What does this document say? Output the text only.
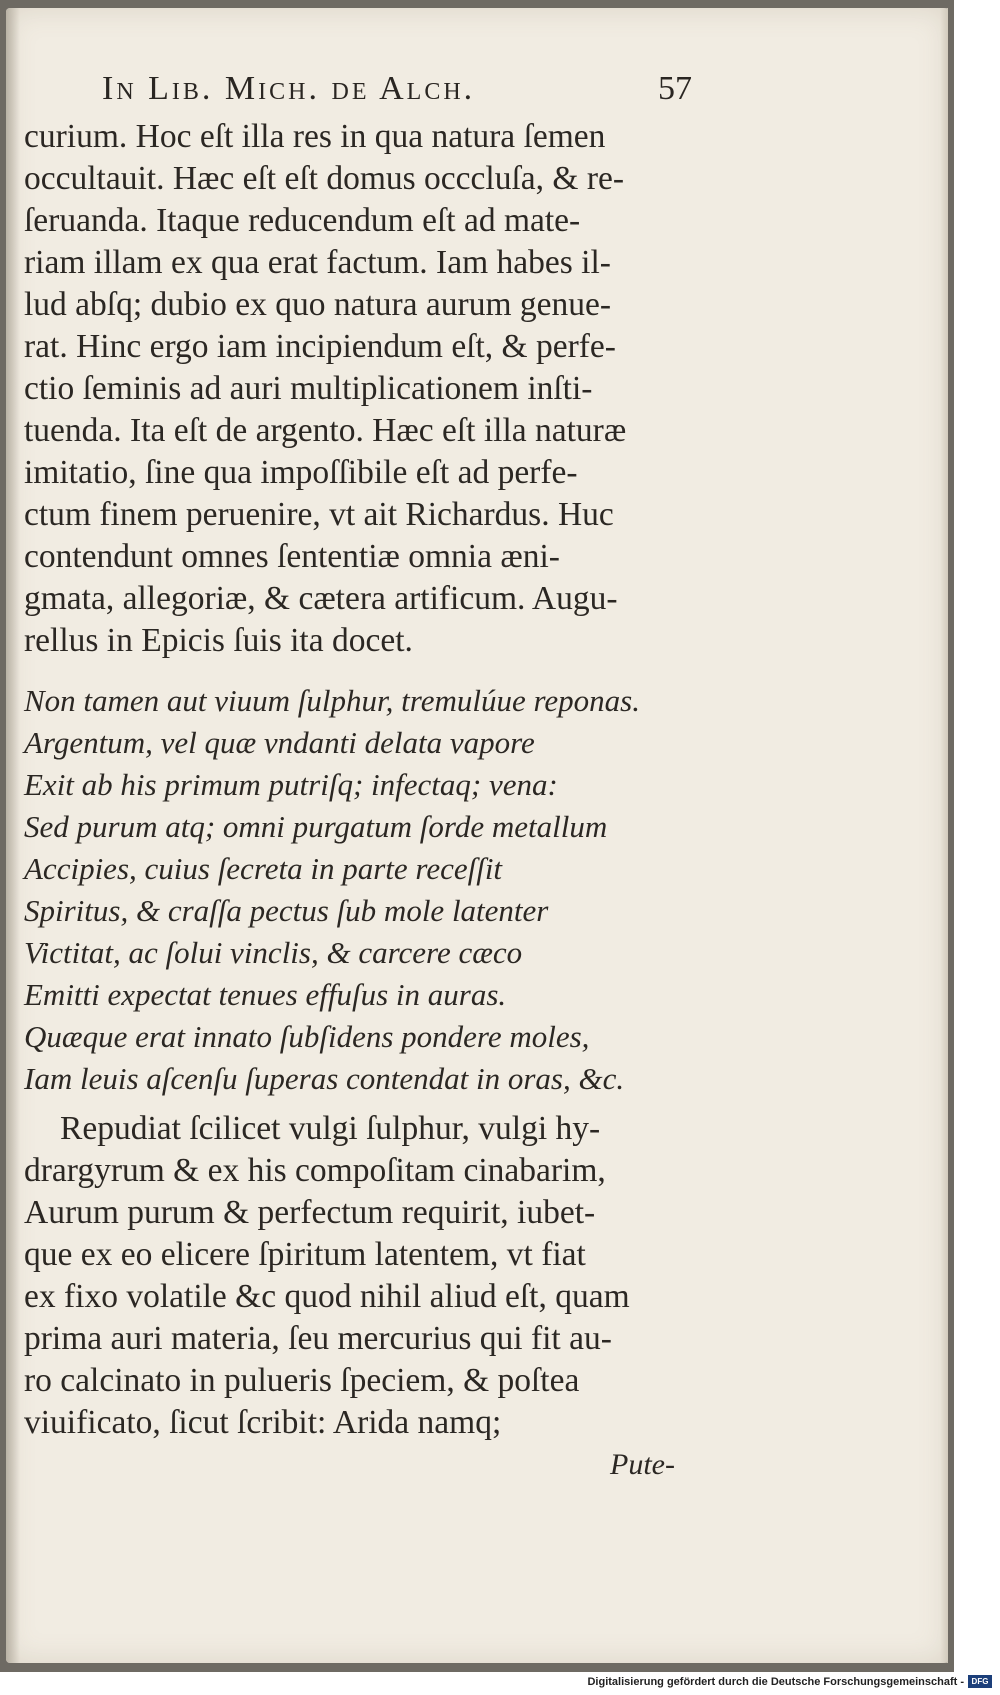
In Lib. Mich. de Alch.	57
curium. Hoc eſt illa res in qua natura ſemen
occultauit. Hæc eſt eſt domus occcluſa, & re-
ſeruanda. Itaque reducendum eſt ad mate-
riam illam ex qua erat factum. Iam habes il-
lud abſq; dubio ex quo natura aurum genue-
rat. Hinc ergo iam incipiendum eſt, & perfe-
ctio ſeminis ad auri multiplicationem inſti-
tuenda. Ita eſt de argento. Hæc eſt illa naturæ
imitatio, ſine qua impoſſibile eſt ad perfe-
ctum finem peruenire, vt ait Richardus. Huc
contendunt omnes ſententiæ omnia æni-
gmata, allegoriæ, & cætera artificum. Augu-
rellus in Epicis ſuis ita docet.
Non tamen aut viuum ſulphur, tremulúue reponas.
Argentum, vel quæ vndanti delata vapore
Exit ab his primum putriſq; infectaq; vena:
Sed purum atq; omni purgatum ſorde metallum
Accipies, cuius ſecreta in parte receſſit
Spiritus, & craſſa pectus ſub mole latenter
Victitat, ac ſolui vinclis, & carcere cæco
Emitti expectat tenues effuſus in auras.
Quæque erat innato ſubſidens pondere moles,
Iam leuis aſcenſu ſuperas contendat in oras, &c.
Repudiat ſcilicet vulgi ſulphur, vulgi hy-
drargyrum & ex his compoſitam cinabarim,
Aurum purum & perfectum requirit, iubet-
que ex eo elicere ſpiritum latentem, vt fiat
ex fixo volatile &c quod nihil aliud eſt, quam
prima auri materia, ſeu mercurius qui fit au-
ro calcinato in pulueris ſpeciem, & poſtea
viuificato, ſicut ſcribit: Arida namq;
Pute-
Digitalisierung gefördert durch die Deutsche Forschungsgemeinschaft - DFG
